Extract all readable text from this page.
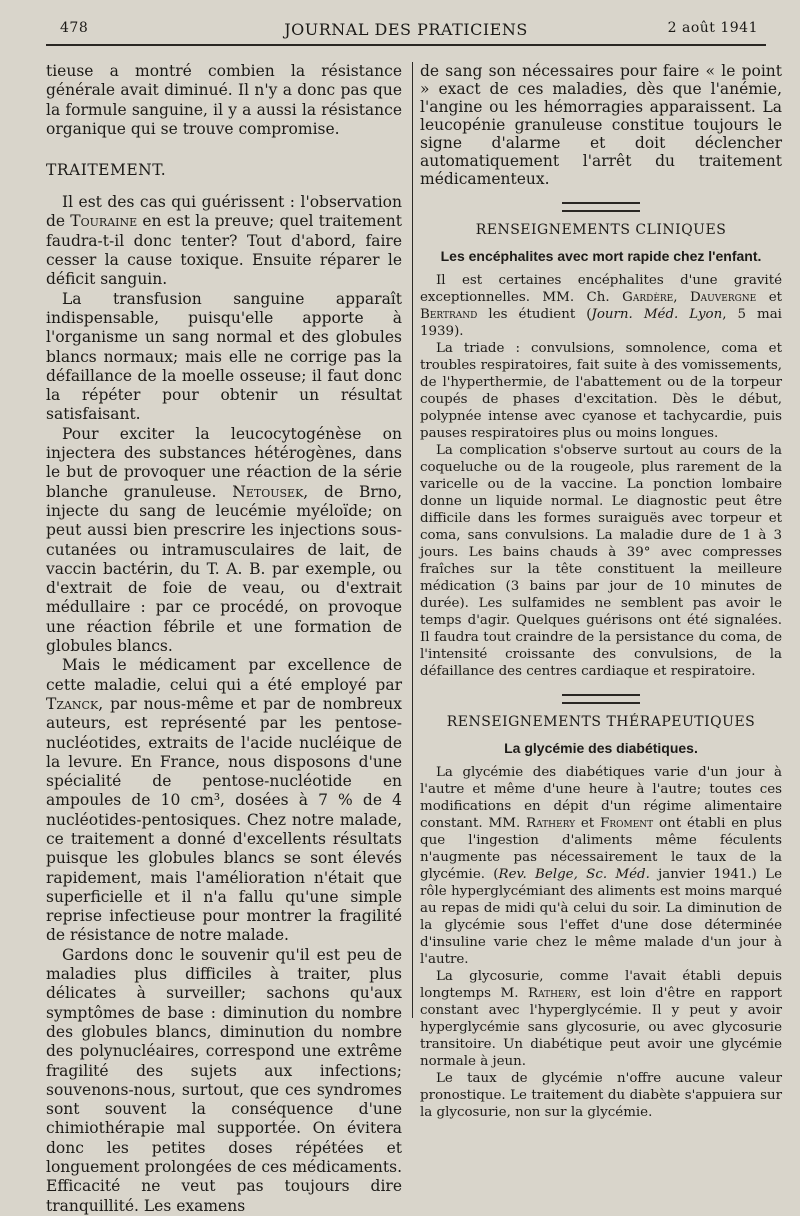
478	JOURNAL DES PRATICIENS	2 août 1941

tieuse a montré combien la résistance générale avait diminué. Il n'y a donc pas que la formule sanguine, il y a aussi la résistance organique qui se trouve compromise.

TRAITEMENT.

Il est des cas qui guérissent : l'observation de Touraine en est la preuve; quel traitement faudra-t-il donc tenter? Tout d'abord, faire cesser la cause toxique. Ensuite réparer le déficit sanguin.

La transfusion sanguine apparaît indispensable, puisqu'elle apporte à l'organisme un sang normal et des globules blancs normaux; mais elle ne corrige pas la défaillance de la moelle osseuse; il faut donc la répéter pour obtenir un résultat satisfaisant.

Pour exciter la leucocytogénèse on injectera des substances hétérogènes, dans le but de provoquer une réaction de la série blanche granuleuse. Netousek, de Brno, injecte du sang de leucémie myéloïde; on peut aussi bien prescrire les injections sous-cutanées ou intramusculaires de lait, de vaccin bactérin, du T. A. B. par exemple, ou d'extrait de foie de veau, ou d'extrait médullaire : par ce procédé, on provoque une réaction fébrile et une formation de globules blancs.

Mais le médicament par excellence de cette maladie, celui qui a été employé par Tzanck, par nous-même et par de nombreux auteurs, est représenté par les pentose-nucléotides, extraits de l'acide nucléique de la levure. En France, nous disposons d'une spécialité de pentose-nucléotide en ampoules de 10 cm³, dosées à 7 % de 4 nucléotides-pentosiques. Chez notre malade, ce traitement a donné d'excellents résultats puisque les globules blancs se sont élevés rapidement, mais l'amélioration n'était que superficielle et il n'a fallu qu'une simple reprise infectieuse pour montrer la fragilité de résistance de notre malade.

Gardons donc le souvenir qu'il est peu de maladies plus difficiles à traiter, plus délicates à surveiller; sachons qu'aux symptômes de base : diminution du nombre des globules blancs, diminution du nombre des polynucléaires, correspond une extrême fragilité des sujets aux infections; souvenons-nous, surtout, que ces syndromes sont souvent la conséquence d'une chimiothérapie mal supportée. On évitera donc les petites doses répétées et longuement prolongées de ces médicaments. Efficacité ne veut pas toujours dire tranquillité. Les examens

de sang son nécessaires pour faire « le point » exact de ces maladies, dès que l'anémie, l'angine ou les hémorragies apparaissent. La leucopénie granuleuse constitue toujours le signe d'alarme et doit déclencher automatiquement l'arrêt du traitement médicamenteux.

RENSEIGNEMENTS CLINIQUES
Les encéphalites avec mort rapide chez l'enfant.

Il est certaines encéphalites d'une gravité exceptionnelles. MM. Ch. Gardère, Dauvergne et Bertrand les étudient (Journ. Méd. Lyon, 5 mai 1939).

La triade : convulsions, somnolence, coma et troubles respiratoires, fait suite à des vomissements, de l'hyperthermie, de l'abattement ou de la torpeur coupés de phases d'excitation. Dès le début, polypnée intense avec cyanose et tachycardie, puis pauses respiratoires plus ou moins longues.

La complication s'observe surtout au cours de la coqueluche ou de la rougeole, plus rarement de la varicelle ou de la vaccine. La ponction lombaire donne un liquide normal. Le diagnostic peut être difficile dans les formes suraiguës avec torpeur et coma, sans convulsions. La maladie dure de 1 à 3 jours. Les bains chauds à 39° avec compresses fraîches sur la tête constituent la meilleure médication (3 bains par jour de 10 minutes de durée). Les sulfamides ne semblent pas avoir le temps d'agir. Quelques guérisons ont été signalées. Il faudra tout craindre de la persistance du coma, de l'intensité croissante des convulsions, de la défaillance des centres cardiaque et respiratoire.

RENSEIGNEMENTS THÉRAPEUTIQUES
La glycémie des diabétiques.

La glycémie des diabétiques varie d'un jour à l'autre et même d'une heure à l'autre; toutes ces modifications en dépit d'un régime alimentaire constant. MM. Rathery et Froment ont établi en plus que l'ingestion d'aliments même féculents n'augmente pas nécessairement le taux de la glycémie. (Rev. Belge, Sc. Méd. janvier 1941.) Le rôle hyperglycémiant des aliments est moins marqué au repas de midi qu'à celui du soir. La diminution de la glycémie sous l'effet d'une dose déterminée d'insuline varie chez le même malade d'un jour à l'autre.

La glycosurie, comme l'avait établi depuis longtemps M. Rathery, est loin d'être en rapport constant avec l'hyperglycémie. Il y peut y avoir hyperglycémie sans glycosurie, ou avec glycosurie transitoire. Un diabétique peut avoir une glycémie normale à jeun.

Le taux de glycémie n'offre aucune valeur pronostique. Le traitement du diabète s'appuiera sur la glycosurie, non sur la glycémie.
